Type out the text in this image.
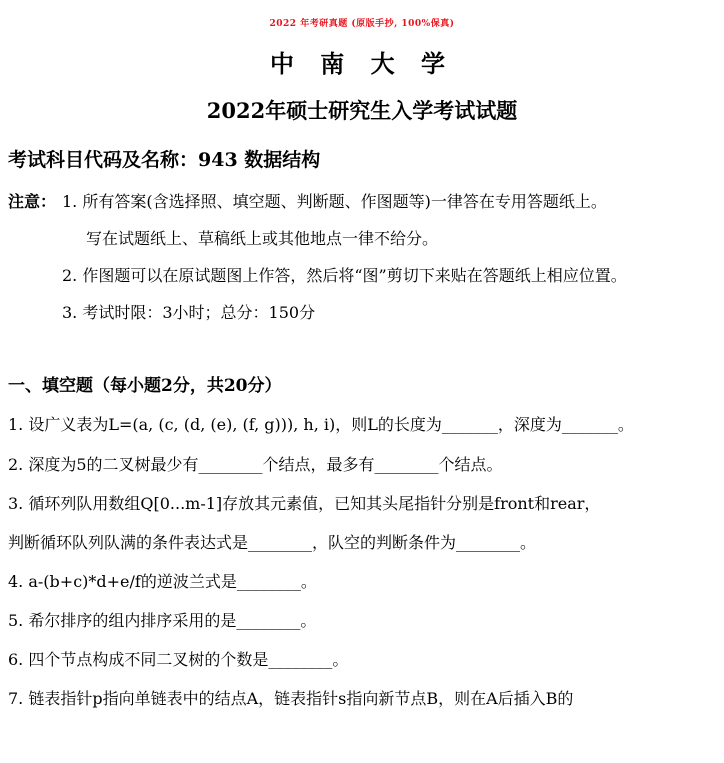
2022 年考研真题 (原版手抄, 100%保真)
中 南 大 学
2022年硕士研究生入学考试试题
考试科目代码及名称：943 数据结构
注意： 1. 所有答案(含选择照、填空题、判断题、作图题等)一律答在专用答题纸上。
写在试题纸上、草稿纸上或其他地点一律不给分。
2. 作图题可以在原试题图上作答，然后将“图”剪切下来贴在答题纸上相应位置。
3. 考试时限：3小时；总分：150分
一、填空题（每小题2分，共20分）
1. 设广义表为L=(a, (c, (d, (e), (f, g))), h, i)，则L的长度为_______，深度为_______。
2. 深度为5的二叉树最少有________个结点，最多有________个结点。
3. 循环列队用数组Q[0...m-1]存放其元素值，已知其头尾指针分别是front和rear，
判断循环队列队满的条件表达式是________，队空的判断条件为________。
4. a-(b+c)*d+e/f的逆波兰式是________。
5. 希尔排序的组内排序采用的是________。
6. 四个节点构成不同二叉树的个数是________。
7. 链表指针p指向单链表中的结点A，链表指针s指向新节点B，则在A后插入B的
